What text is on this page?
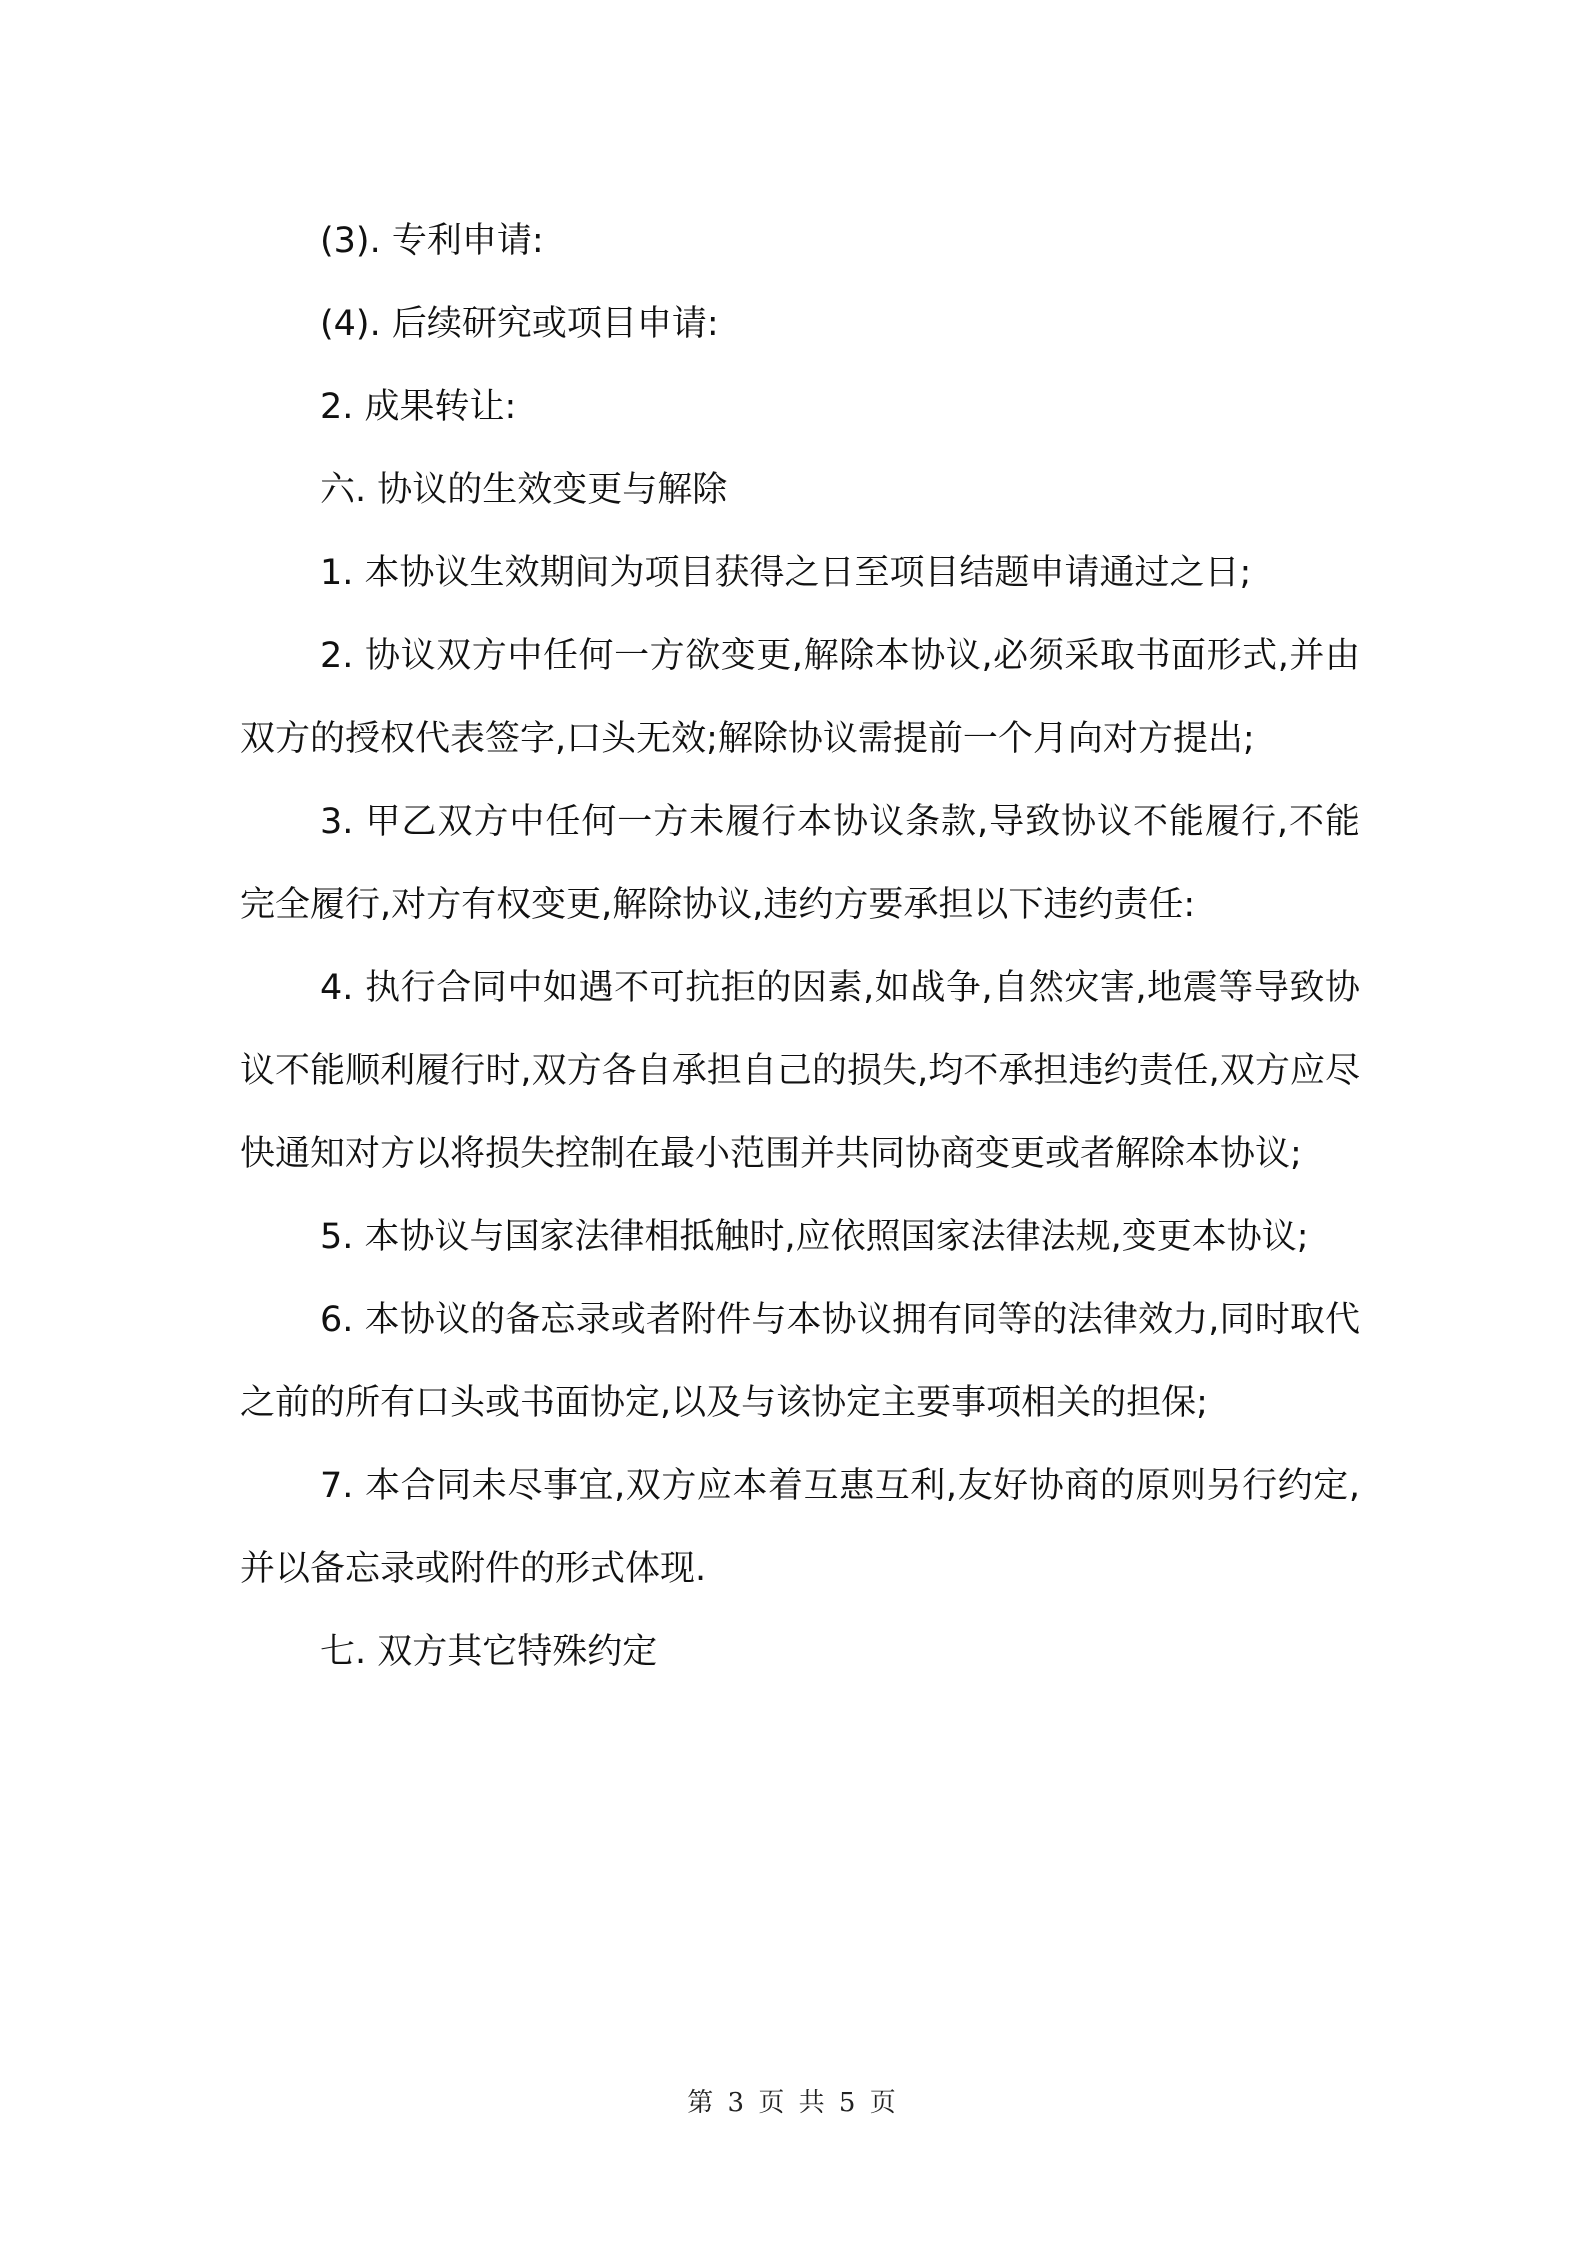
(3). 专利申请:

(4). 后续研究或项目申请:

2. 成果转让:

六. 协议的生效变更与解除

1. 本协议生效期间为项目获得之日至项目结题申请通过之日;

2. 协议双方中任何一方欲变更,解除本协议,必须采取书面形式,并由双方的授权代表签字,口头无效;解除协议需提前一个月向对方提出;

3. 甲乙双方中任何一方未履行本协议条款,导致协议不能履行,不能完全履行,对方有权变更,解除协议,违约方要承担以下违约责任:

4. 执行合同中如遇不可抗拒的因素,如战争,自然灾害,地震等导致协议不能顺利履行时,双方各自承担自己的损失,均不承担违约责任,双方应尽快通知对方以将损失控制在最小范围并共同协商变更或者解除本协议;

5. 本协议与国家法律相抵触时,应依照国家法律法规,变更本协议;

6. 本协议的备忘录或者附件与本协议拥有同等的法律效力,同时取代之前的所有口头或书面协定,以及与该协定主要事项相关的担保;

7. 本合同未尽事宜,双方应本着互惠互利,友好协商的原则另行约定,并以备忘录或附件的形式体现.

七. 双方其它特殊约定

第 3 页 共 5 页
